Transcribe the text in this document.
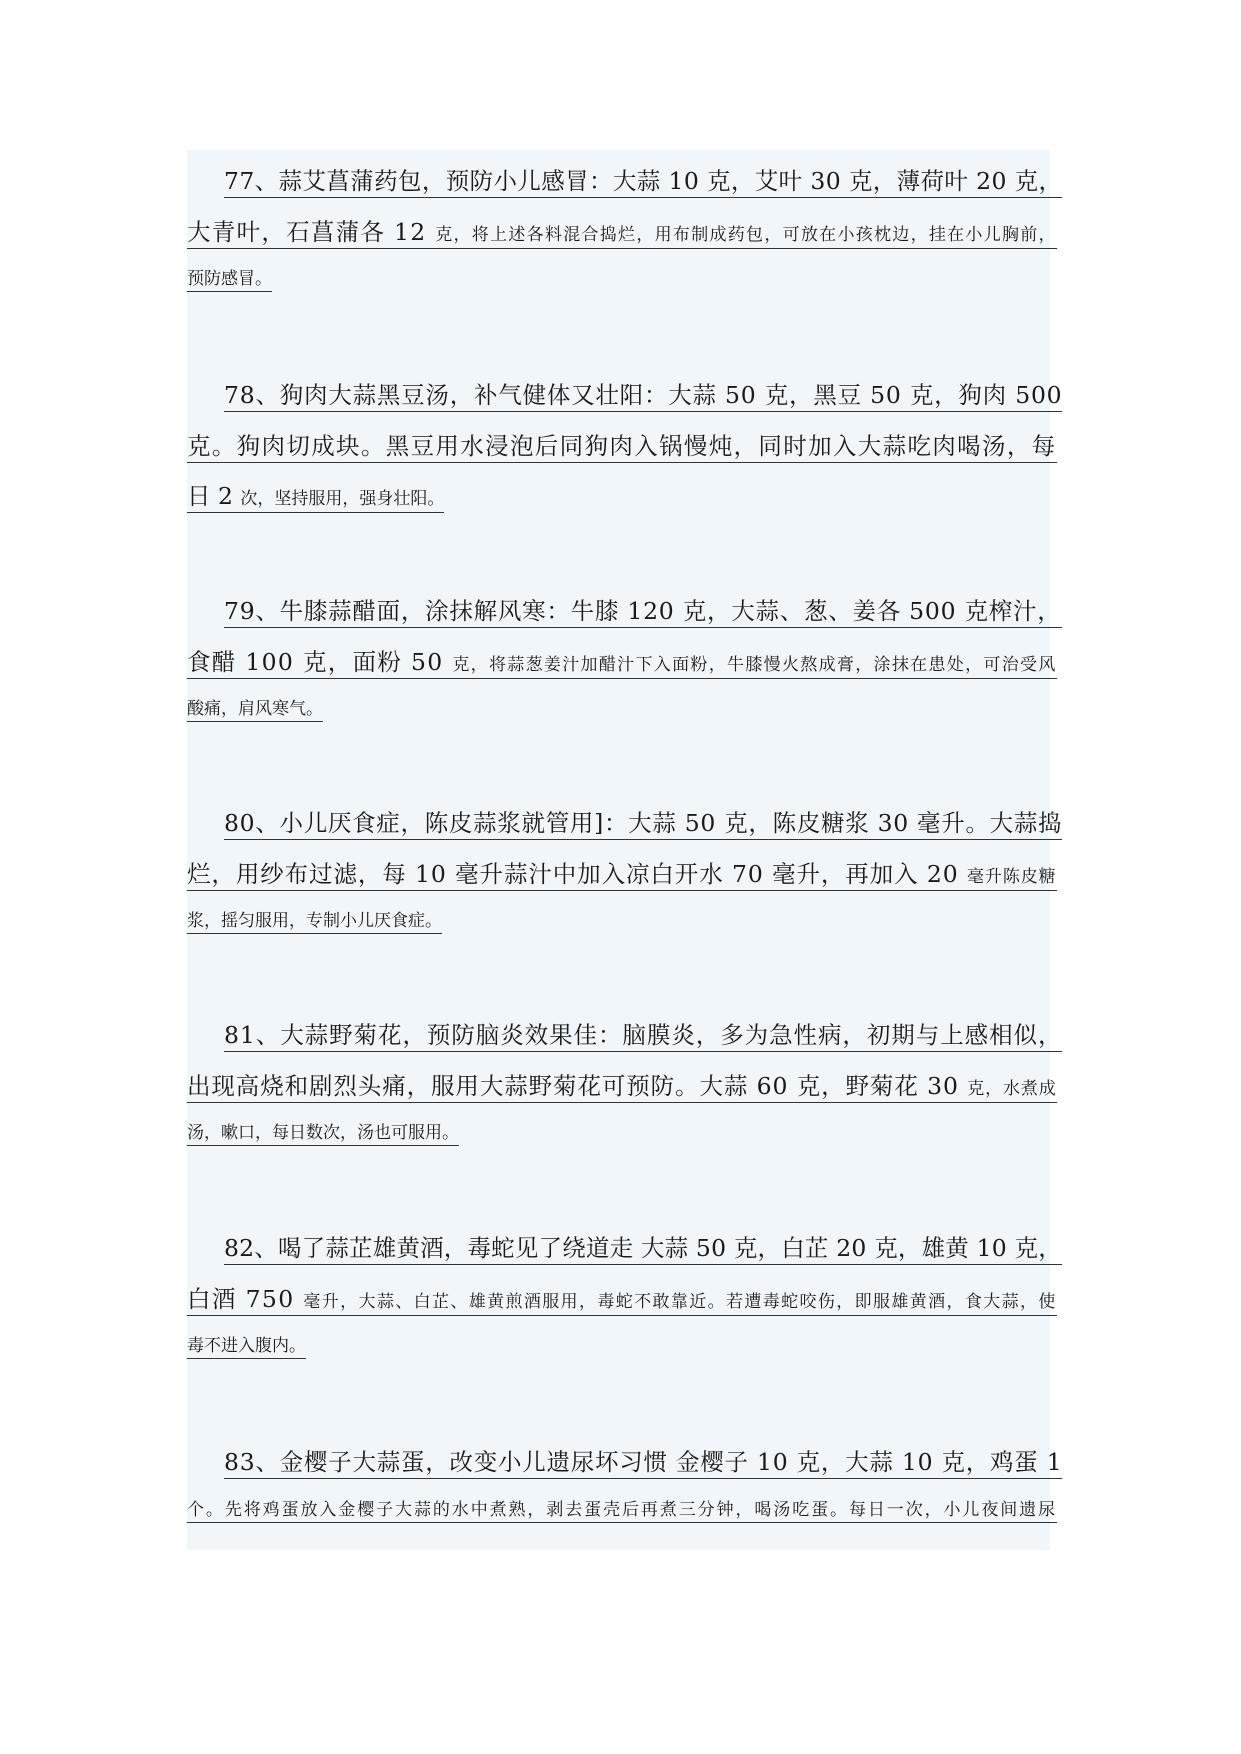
77、蒜艾菖蒲药包，预防小儿感冒：大蒜 10 克，艾叶 30 克，薄荷叶 20 克，
大青叶，石菖蒲各 12 克，将上述各料混合捣烂，用布制成药包，可放在小孩枕边，挂在小儿胸前，
预防感冒。
78、狗肉大蒜黑豆汤，补气健体又壮阳：大蒜 50 克，黑豆 50 克，狗肉 500
克。狗肉切成块。黑豆用水浸泡后同狗肉入锅慢炖，同时加入大蒜吃肉喝汤，每
日 2 次，坚持服用，强身壮阳。
79、牛膝蒜醋面，涂抹解风寒：牛膝 120 克，大蒜、葱、姜各 500 克榨汁，
食醋 100 克，面粉 50 克，将蒜葱姜汁加醋汁下入面粉，牛膝慢火熬成膏，涂抹在患处，可治受风
酸痛，肩风寒气。
80、小儿厌食症，陈皮蒜浆就管用]：大蒜 50 克，陈皮糖浆 30 毫升。大蒜捣
烂，用纱布过滤，每 10 毫升蒜汁中加入凉白开水 70 毫升，再加入 20 毫升陈皮糖
浆，摇匀服用，专制小儿厌食症。
81、大蒜野菊花，预防脑炎效果佳：脑膜炎，多为急性病，初期与上感相似，
出现高烧和剧烈头痛，服用大蒜野菊花可预防。大蒜 60 克，野菊花 30 克，水煮成
汤，嗽口，每日数次，汤也可服用。
82、喝了蒜芷雄黄酒，毒蛇见了绕道走 大蒜 50 克，白芷 20 克，雄黄 10 克，
白酒 750 毫升，大蒜、白芷、雄黄煎酒服用，毒蛇不敢靠近。若遭毒蛇咬伤，即服雄黄酒，食大蒜，使
毒不进入腹内。
83、金樱子大蒜蛋，改变小儿遗尿坏习惯 金樱子 10 克，大蒜 10 克，鸡蛋 1
个。先将鸡蛋放入金樱子大蒜的水中煮熟，剥去蛋壳后再煮三分钟，喝汤吃蛋。每日一次，小儿夜间遗尿
